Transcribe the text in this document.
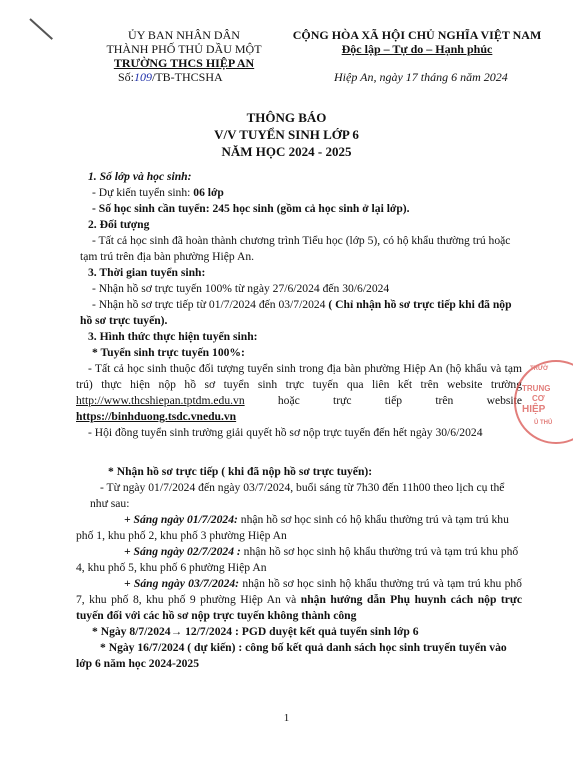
ỦY BAN NHÂN DÂN
THÀNH PHỐ THỦ DẦU MỘT
TRƯỜNG THCS HIỆP AN
Số:109/TB-THCSHA
CỘNG HÒA XÃ HỘI CHỦ NGHĨA VIỆT NAM
Độc lập – Tự do – Hạnh phúc
Hiệp An, ngày 17 tháng 6 năm 2024
THÔNG BÁO
V/V TUYỂN SINH LỚP 6
NĂM HỌC 2024 - 2025
1. Số lớp và học sinh:
- Dự kiến tuyển sinh: 06 lớp
- Số học sinh cần tuyển: 245 học sinh (gồm cả học sinh ở lại lớp).
2. Đối tượng
- Tất cả học sinh đã hoàn thành chương trình Tiểu học (lớp 5), có hộ khẩu thường trú hoặc tạm trú trên địa bàn phường Hiệp An.
3. Thời gian tuyển sinh:
- Nhận hồ sơ trực tuyến 100% từ ngày 27/6/2024 đến 30/6/2024
- Nhận hồ sơ trực tiếp từ 01/7/2024 đến 03/7/2024 ( Chỉ nhận hồ sơ trực tiếp khi đã nộp hồ sơ trực tuyến).
3. Hình thức thực hiện tuyển sinh:
* Tuyển sinh trực tuyến 100%:
- Tất cả học sinh thuộc đối tượng tuyển sinh trong địa bàn phường Hiệp An (hộ khẩu và tạm trú) thực hiện nộp hồ sơ tuyển sinh trực tuyến qua liên kết trên website trường http://www.thcshiepan.tptdm.edu.vn hoặc trực tiếp trên website https://binhduong.tsdc.vnedu.vn
- Hội đồng tuyển sinh trường giải quyết hồ sơ nộp trực tuyến đến hết ngày 30/6/2024
* Nhận hồ sơ trực tiếp ( khi đã nộp hồ sơ trực tuyến):
- Từ ngày 01/7/2024 đến ngày 03/7/2024, buổi sáng từ 7h30 đến 11h00 theo lịch cụ thể như sau:
+ Sáng ngày 01/7/2024: nhận hồ sơ học sinh có hộ khẩu thường trú và tạm trú khu phố 1, khu phố 2, khu phố 3 phường Hiệp An
+ Sáng ngày 02/7/2024 : nhận hồ sơ học sinh hộ khẩu thường trú và tạm trú khu phố 4, khu phố 5, khu phố 6 phường Hiệp An
+ Sáng ngày 03/7/2024: nhận hồ sơ học sinh hộ khẩu thường trú và tạm trú khu phố 7, khu phố 8, khu phố 9 phường Hiệp An và nhận hướng dẫn Phụ huynh cách nộp trực tuyến đối với các hồ sơ nộp trực tuyến không thành công
* Ngày 8/7/2024→ 12/7/2024 : PGD duyệt kết quả tuyển sinh lớp 6
* Ngày 16/7/2024 ( dự kiến) : công bố kết quả danh sách học sinh truyến tuyển vào lớp 6 năm học 2024-2025
TRƯỜ
TRUNG
CƠ
HIỆP
Ủ THỦ
1
